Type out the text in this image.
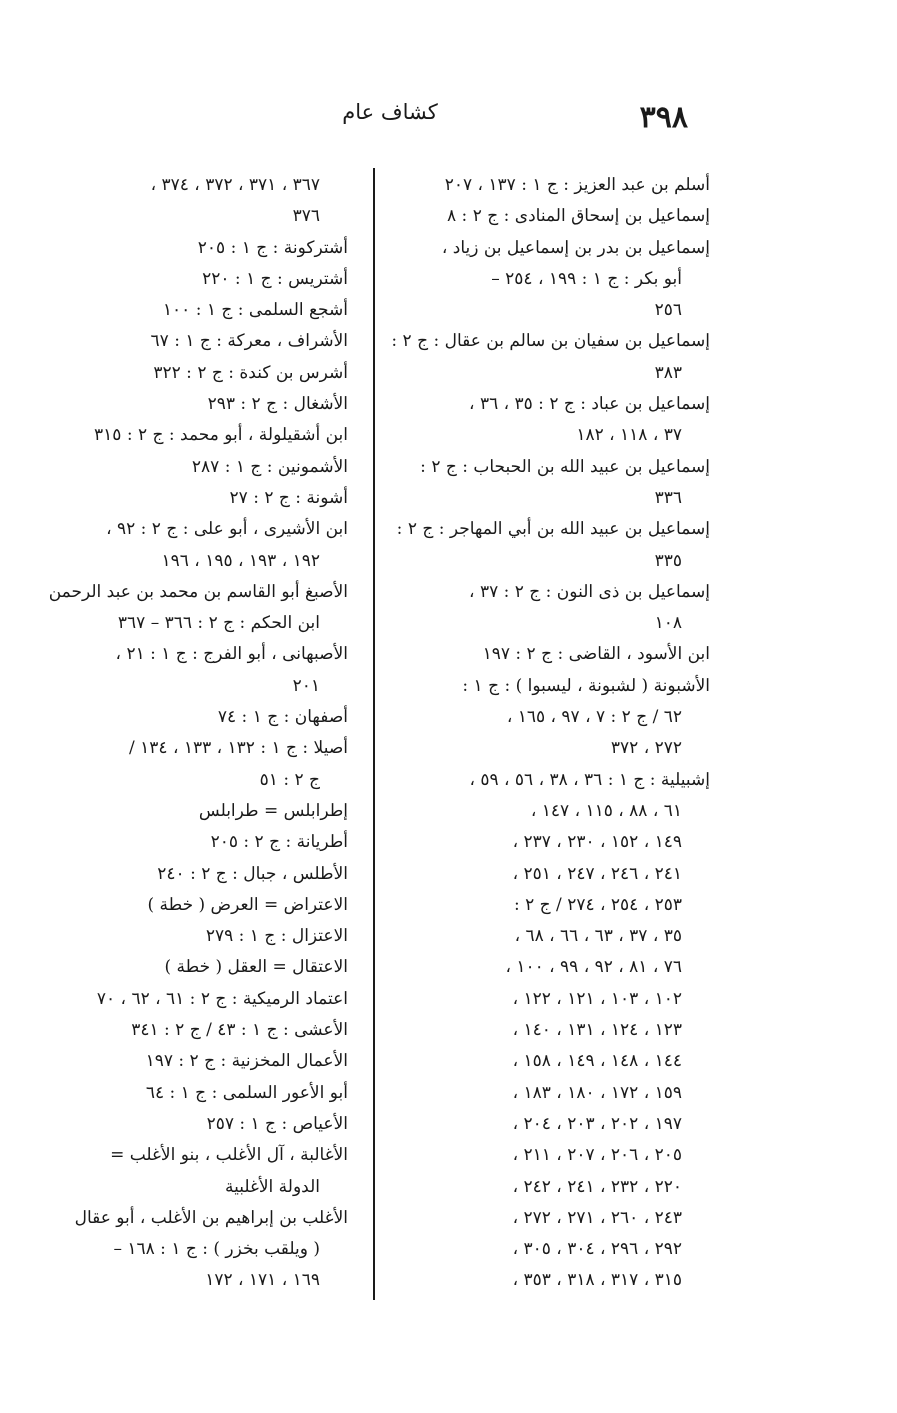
٣٩٨
كشاف عام
أسلم بن عبد العزيز : ج ١ : ١٣٧ ، ٢٠٧
إسماعيل بن إسحاق المنادى : ج ٢ : ٨
إسماعيل بن بدر بن إسماعيل بن زياد ،
أبو بكر : ج ١ : ١٩٩ ، ٢٥٤ –
٢٥٦
إسماعيل بن سفيان بن سالم بن عقال : ج ٢ :
٣٨٣
إسماعيل بن عباد : ج ٢ : ٣٥ ، ٣٦ ،
٣٧ ، ١١٨ ، ١٨٢
إسماعيل بن عبيد الله بن الحبحاب : ج ٢ :
٣٣٦
إسماعيل بن عبيد الله بن أبي المهاجر : ج ٢ :
٣٣٥
إسماعيل بن ذى النون : ج ٢ : ٣٧ ،
١٠٨
ابن الأسود ، القاضى : ج ٢ : ١٩٧
الأشبونة ( لشبونة ، ليسبوا ) : ج ١ :
٦٢ / ج ٢ : ٧ ، ٩٧ ، ١٦٥ ،
٢٧٢ ، ٣٧٢
إشبيلية : ج ١ : ٣٦ ، ٣٨ ، ٥٦ ، ٥٩ ،
٦١ ، ٨٨ ، ١١٥ ، ١٤٧ ،
١٤٩ ، ١٥٢ ، ٢٣٠ ، ٢٣٧ ،
٢٤١ ، ٢٤٦ ، ٢٤٧ ، ٢٥١ ،
٢٥٣ ، ٢٥٤ ، ٢٧٤ / ج ٢ :
٣٥ ، ٣٧ ، ٦٣ ، ٦٦ ، ٦٨ ،
٧٦ ، ٨١ ، ٩٢ ، ٩٩ ، ١٠٠ ،
١٠٢ ، ١٠٣ ، ١٢١ ، ١٢٢ ،
١٢٣ ، ١٢٤ ، ١٣١ ، ١٤٠ ،
١٤٤ ، ١٤٨ ، ١٤٩ ، ١٥٨ ،
١٥٩ ، ١٧٢ ، ١٨٠ ، ١٨٣ ،
١٩٧ ، ٢٠٢ ، ٢٠٣ ، ٢٠٤ ،
٢٠٥ ، ٢٠٦ ، ٢٠٧ ، ٢١١ ،
٢٢٠ ، ٢٣٢ ، ٢٤١ ، ٢٤٢ ،
٢٤٣ ، ٢٦٠ ، ٢٧١ ، ٢٧٢ ،
٢٩٢ ، ٢٩٦ ، ٣٠٤ ، ٣٠٥ ،
٣١٥ ، ٣١٧ ، ٣١٨ ، ٣٥٣ ،
٣٦٧ ، ٣٧١ ، ٣٧٢ ، ٣٧٤ ،
٣٧٦
أشتركونة : ج ١ : ٢٠٥
أشتريس : ج ١ : ٢٢٠
أشجع السلمى : ج ١ : ١٠٠
الأشراف ، معركة : ج ١ : ٦٧
أشرس بن كندة : ج ٢ : ٣٢٢
الأشغال : ج ٢ : ٢٩٣
ابن أشقيلولة ، أبو محمد : ج ٢ : ٣١٥
الأشمونين : ج ١ : ٢٨٧
أشونة : ج ٢ : ٢٧
ابن الأشيرى ، أبو على : ج ٢ : ٩٢ ،
١٩٢ ، ١٩٣ ، ١٩٥ ، ١٩٦
الأصبغ أبو القاسم بن محمد بن عبد الرحمن
ابن الحكم : ج ٢ : ٣٦٦ – ٣٦٧
الأصبهانى ، أبو الفرج : ج ١ : ٢١ ،
٢٠١
أصفهان : ج ١ : ٧٤
أصيلا : ج ١ : ١٣٢ ، ١٣٣ ، ١٣٤ /
ج ٢ : ٥١
إطرابلس = طرابلس
أطريانة : ج ٢ : ٢٠٥
الأطلس ، جبال : ج ٢ : ٢٤٠
الاعتراض = العرض ( خطة )
الاعتزال : ج ١ : ٢٧٩
الاعتقال = العقل ( خطة )
اعتماد الرميكية : ج ٢ : ٦١ ، ٦٢ ، ٧٠
الأعشى : ج ١ : ٤٣ / ج ٢ : ٣٤١
الأعمال المخزنية : ج ٢ : ١٩٧
أبو الأعور السلمى : ج ١ : ٦٤
الأعياص : ج ١ : ٢٥٧
الأغالبة ، آل الأغلب ، بنو الأغلب =
الدولة الأغلبية
الأغلب بن إبراهيم بن الأغلب ، أبو عقال
( ويلقب بخزر ) : ج ١ : ١٦٨ –
١٦٩ ، ١٧١ ، ١٧٢
